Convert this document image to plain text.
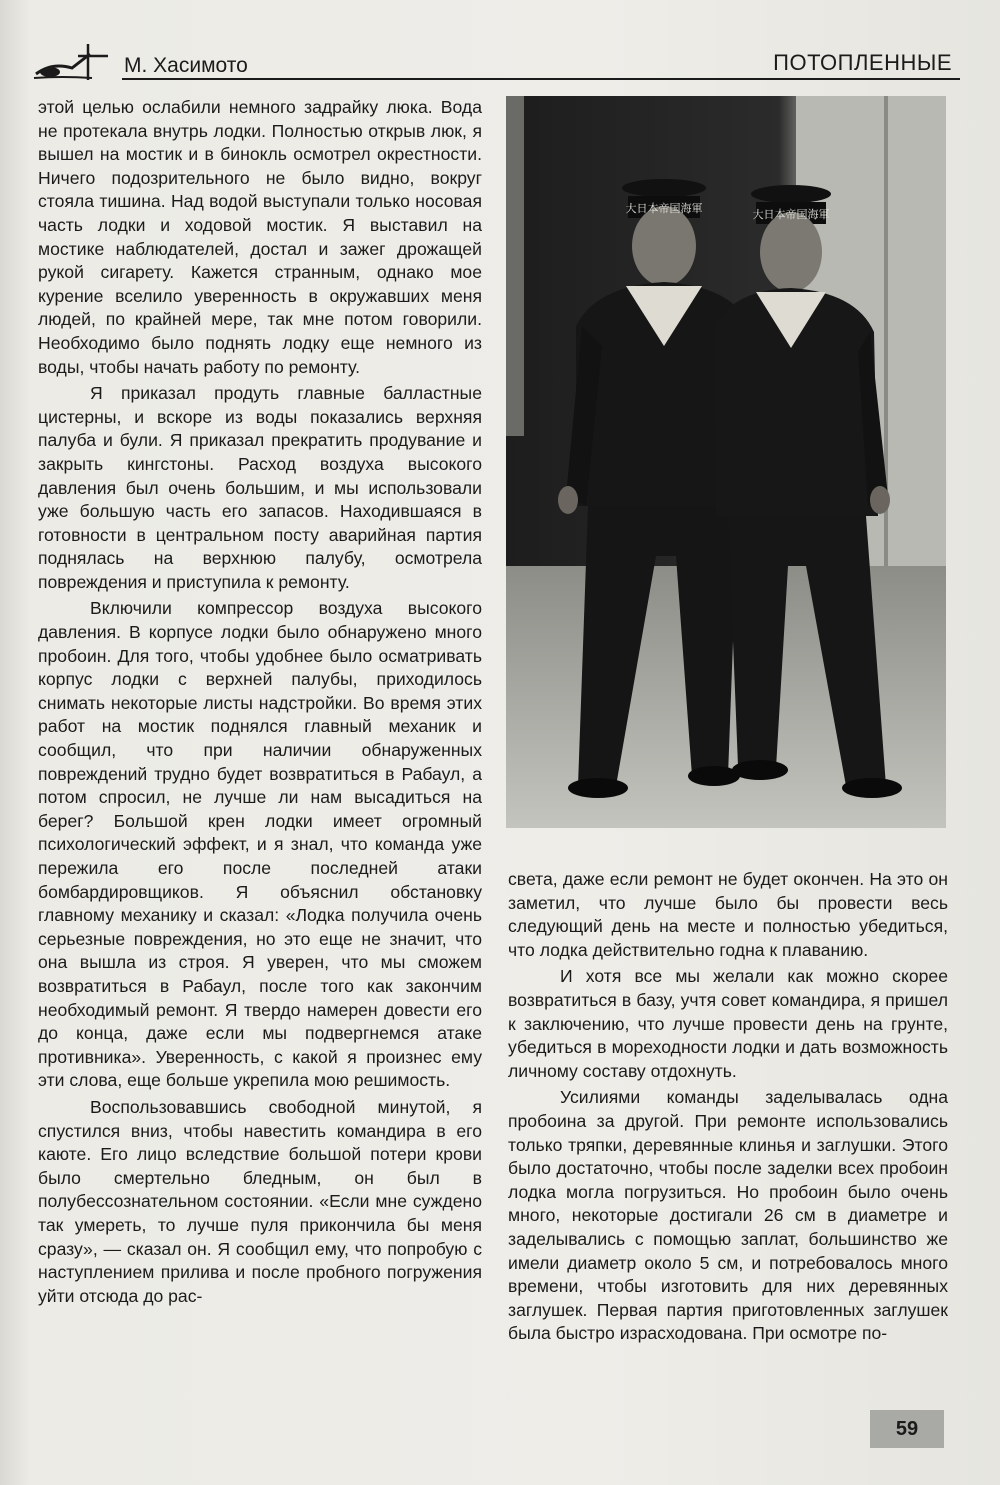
М. Хасимото	ПОТОПЛЕННЫЕ

этой целью ослабили немного задрайку люка. Вода не протекала внутрь лодки. Полностью открыв люк, я вышел на мостик и в бинокль осмотрел окрестности. Ничего подозрительного не было видно, вокруг стояла тишина. Над водой выступали только носовая часть лодки и ходовой мостик. Я выставил на мостике наблюдателей, достал и зажег дрожащей рукой сигарету. Кажется странным, однако мое курение вселило уверенность в окружавших меня людей, по крайней мере, так мне потом говорили. Необходимо было поднять лодку еще немного из воды, чтобы начать работу по ремонту.

Я приказал продуть главные балластные цистерны, и вскоре из воды показались верхняя палуба и були. Я приказал прекратить продувание и закрыть кингстоны. Расход воздуха высокого давления был очень большим, и мы использовали уже большую часть его запасов. Находившаяся в готовности в центральном посту аварийная партия поднялась на верхнюю палубу, осмотрела повреждения и приступила к ремонту.

Включили компрессор воздуха высокого давления. В корпусе лодки было обнаружено много пробоин. Для того, чтобы удобнее было осматривать корпус лодки с верхней палубы, приходилось снимать некоторые листы надстройки. Во время этих работ на мостик поднялся главный механик и сообщил, что при наличии обнаруженных повреждений трудно будет возвратиться в Рабаул, а потом спросил, не лучше ли нам высадиться на берег? Большой крен лодки имеет огромный психологический эффект, и я знал, что команда уже пережила его после последней атаки бомбардировщиков. Я объяснил обстановку главному механику и сказал: «Лодка получила очень серьезные повреждения, но это еще не значит, что она вышла из строя. Я уверен, что мы сможем возвратиться в Рабаул, после того как закончим необходимый ремонт. Я твердо намерен довести его до конца, даже если мы подвергнемся атаке противника». Уверенность, с какой я произнес ему эти слова, еще больше укрепила мою решимость.

Воспользовавшись свободной минутой, я спустился вниз, чтобы навестить командира в его каюте. Его лицо вследствие большой потери крови было смертельно бледным, он был в полубессознательном состоянии. «Если мне суждено так умереть, то лучше пуля прикончила бы меня сразу», — сказал он. Я сообщил ему, что попробую с наступлением прилива и после пробного погружения уйти отсюда до рас-

大日本帝国海軍	大日本帝国海軍

света, даже если ремонт не будет окончен. На это он заметил, что лучше было бы провести весь следующий день на месте и полностью убедиться, что лодка действительно годна к плаванию.

И хотя все мы желали как можно скорее возвратиться в базу, учтя совет командира, я пришел к заключению, что лучше провести день на грунте, убедиться в мореходности лодки и дать возможность личному составу отдохнуть.

Усилиями команды заделывалась одна пробоина за другой. При ремонте использовались только тряпки, деревянные клинья и заглушки. Этого было достаточно, чтобы после заделки всех пробоин лодка могла погрузиться. Но пробоин было очень много, некоторые достигали 26 см в диаметре и заделывались с помощью заплат, большинство же имели диаметр около 5 см, и потребовалось много времени, чтобы изготовить для них деревянных заглушек. Первая партия приготовленных заглушек была быстро израсходована. При осмотре по-

59
